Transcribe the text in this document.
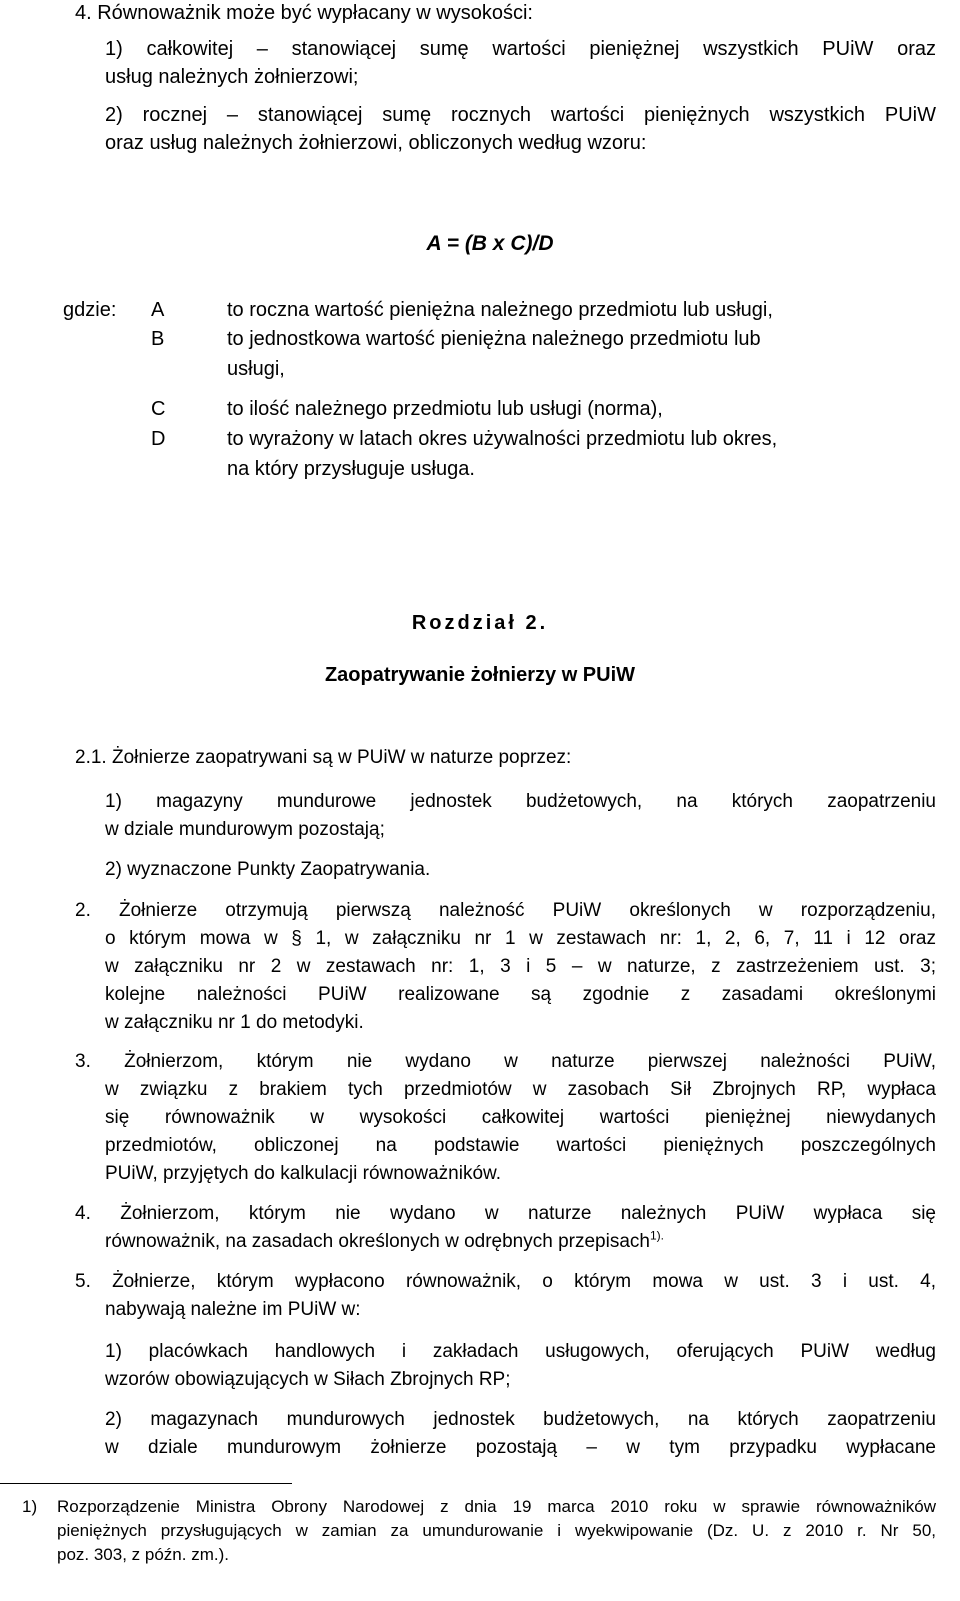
4. Równoważnik może być wypłacany w wysokości:
1) całkowitej – stanowiącej sumę wartości pieniężnej wszystkich PUiW oraz
usług należnych żołnierzowi;
2) rocznej – stanowiącej sumę rocznych wartości pieniężnych wszystkich PUiW
oraz usług należnych żołnierzowi, obliczonych według wzoru:
A = (B x C)/D
gdzie: A
B
C
D
to roczna wartość pieniężna należnego przedmiotu lub usługi,
to jednostkowa wartość pieniężna należnego przedmiotu lub
usługi,
to ilość należnego przedmiotu lub usługi (norma),
to wyrażony w latach okres używalności przedmiotu lub okres,
na który przysługuje usługa.
Rozdział 2.
Zaopatrywanie żołnierzy w PUiW
2.1. Żołnierze zaopatrywani są w PUiW w naturze poprzez:
1) magazyny mundurowe jednostek budżetowych, na których zaopatrzeniu
w dziale mundurowym pozostają;
2) wyznaczone Punkty Zaopatrywania.
2. Żołnierze otrzymują pierwszą należność PUiW określonych w rozporządzeniu,
o którym mowa w § 1, w załączniku nr 1 w zestawach nr: 1, 2, 6, 7, 11 i 12 oraz
w załączniku nr 2 w zestawach nr: 1, 3 i 5 – w naturze, z zastrzeżeniem ust. 3;
kolejne należności PUiW realizowane są zgodnie z zasadami określonymi
w załączniku nr 1 do metodyki.
3. Żołnierzom, którym nie wydano w naturze pierwszej należności PUiW,
w związku z brakiem tych przedmiotów w zasobach Sił Zbrojnych RP, wypłaca
się równoważnik w wysokości całkowitej wartości pieniężnej niewydanych
przedmiotów, obliczonej na podstawie wartości pieniężnych poszczególnych
PUiW, przyjętych do kalkulacji równoważników.
4. Żołnierzom, którym nie wydano w naturze należnych PUiW wypłaca się
równoważnik, na zasadach określonych w odrębnych przepisach$^{1).}$
5. Żołnierze, którym wypłacono równoważnik, o którym mowa w ust. 3 i ust. 4,
nabywają należne im PUiW w:
1) placówkach handlowych i zakładach usługowych, oferujących PUiW według
wzorów obowiązujących w Siłach Zbrojnych RP;
2) magazynach mundurowych jednostek budżetowych, na których zaopatrzeniu
w dziale mundurowym żołnierze pozostają – w tym przypadku wypłacane
1)	Rozporządzenie Ministra Obrony Narodowej z dnia 19 marca 2010 roku w sprawie równoważników
pieniężnych przysługujących w zamian za umundurowanie i wyekwipowanie (Dz. U. z 2010 r. Nr 50,
poz. 303, z późn. zm.).
